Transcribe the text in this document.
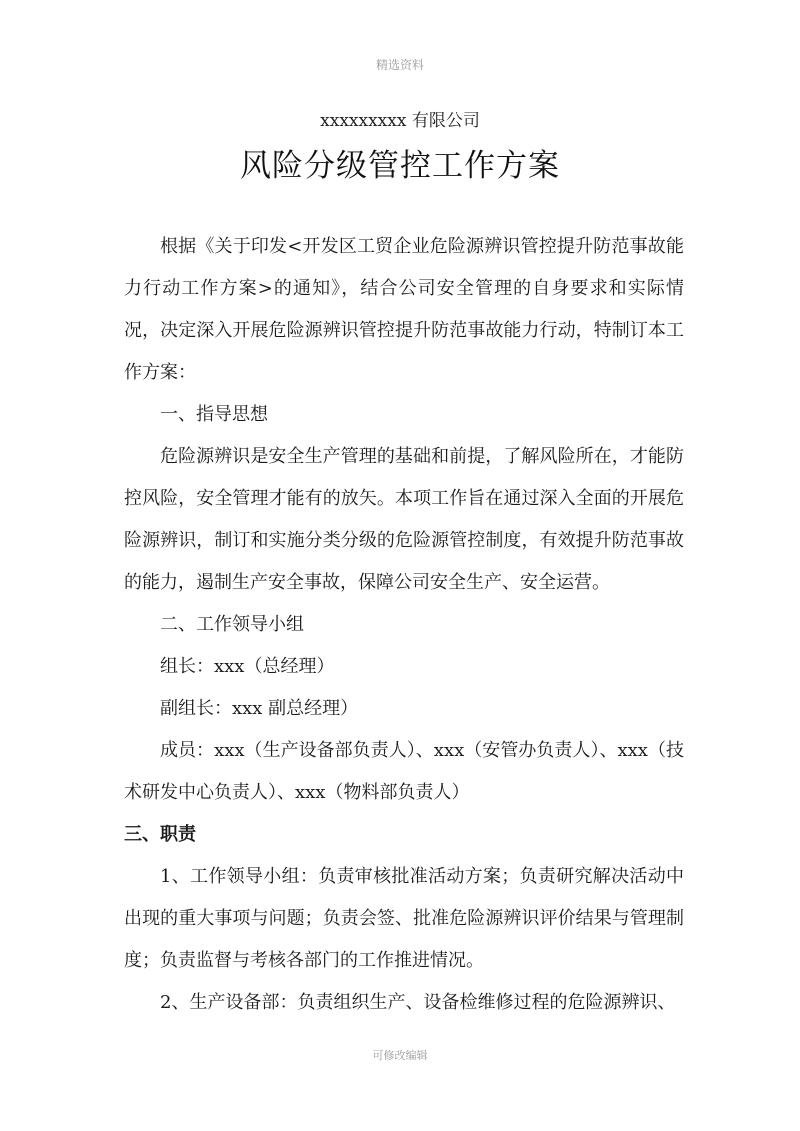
精选资料
xxxxxxxxx 有限公司
风险分级管控工作方案

根据《关于印发<开发区工贸企业危险源辨识管控提升防范事故能力行动工作方案>的通知》，结合公司安全管理的自身要求和实际情况，决定深入开展危险源辨识管控提升防范事故能力行动，特制订本工作方案：

一、指导思想

危险源辨识是安全生产管理的基础和前提，了解风险所在，才能防控风险，安全管理才能有的放矢。本项工作旨在通过深入全面的开展危险源辨识，制订和实施分类分级的危险源管控制度，有效提升防范事故的能力，遏制生产安全事故，保障公司安全生产、安全运营。

二、工作领导小组

组长：xxx（总经理）

副组长：xxx 副总经理）

成员：xxx（生产设备部负责人）、xxx（安管办负责人）、xxx（技术研发中心负责人）、xxx（物料部负责人）

三、职责

1、工作领导小组：负责审核批准活动方案；负责研究解决活动中出现的重大事项与问题；负责会签、批准危险源辨识评价结果与管理制度；负责监督与考核各部门的工作推进情况。

2、生产设备部：负责组织生产、设备检维修过程的危险源辨识、

可修改编辑
